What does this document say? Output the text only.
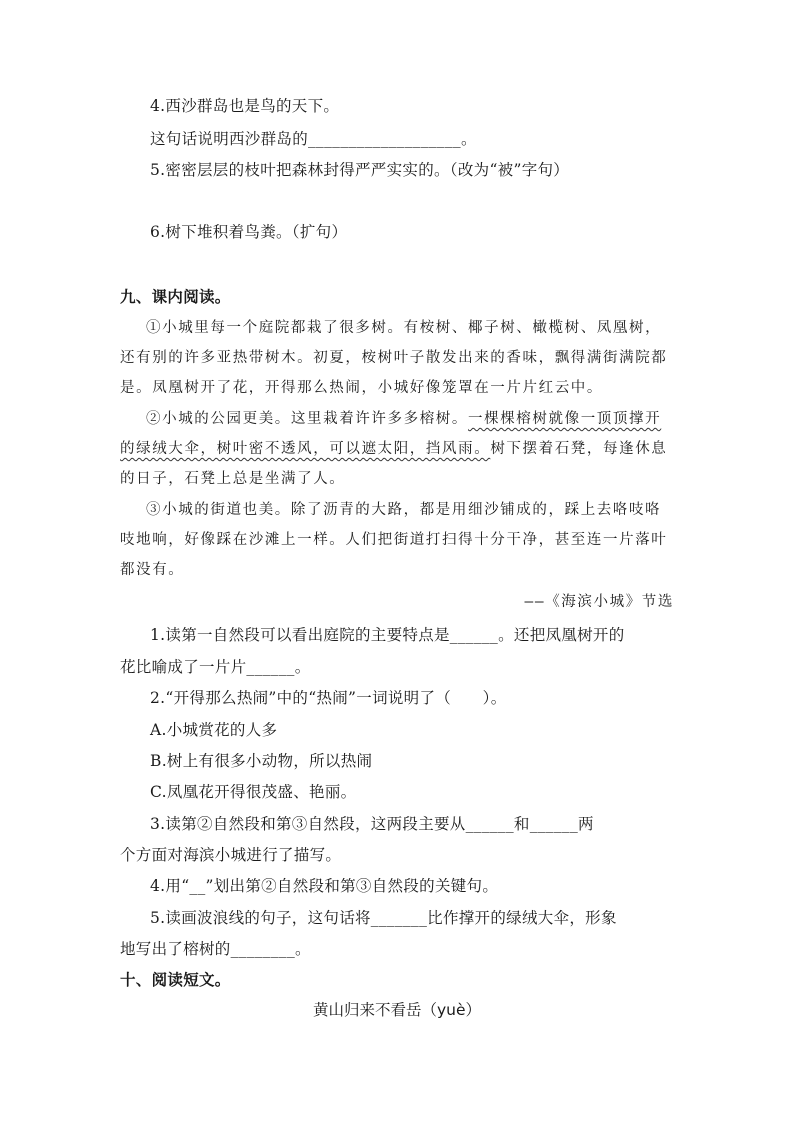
4.西沙群岛也是鸟的天下。
这句话说明西沙群岛的___________________。
5.密密层层的枝叶把森林封得严严实实的。（改为“被”字句）
6.树下堆积着鸟粪。（扩句）
九、课内阅读。
①小城里每一个庭院都栽了很多树。有桉树、椰子树、橄榄树、凤凰树，
还有别的许多亚热带树木。初夏，桉树叶子散发出来的香味，飘得满街满院都
是。凤凰树开了花，开得那么热闹，小城好像笼罩在一片片红云中。
②小城的公园更美。这里栽着许许多多榕树。一棵棵榕树就像一顶顶撑开
的绿绒大伞，树叶密不透风，可以遮太阳，挡风雨。树下摆着石凳，每逢休息
的日子，石凳上总是坐满了人。
③小城的街道也美。除了沥青的大路，都是用细沙铺成的，踩上去咯吱咯
吱地响，好像踩在沙滩上一样。人们把街道打扫得十分干净，甚至连一片落叶
都没有。
——《海滨小城》节选
1.读第一自然段可以看出庭院的主要特点是______。还把凤凰树开的
花比喻成了一片片______。
2.“开得那么热闹”中的“热闹”一词说明了（　　）。
A.小城赏花的人多
B.树上有很多小动物，所以热闹
C.凤凰花开得很茂盛、艳丽。
3.读第②自然段和第③自然段，这两段主要从______和______两
个方面对海滨小城进行了描写。
4.用“__”划出第②自然段和第③自然段的关键句。
5.读画波浪线的句子，这句话将_______比作撑开的绿绒大伞，形象
地写出了榕树的________。
十、阅读短文。
黄山归来不看岳（yuè）
